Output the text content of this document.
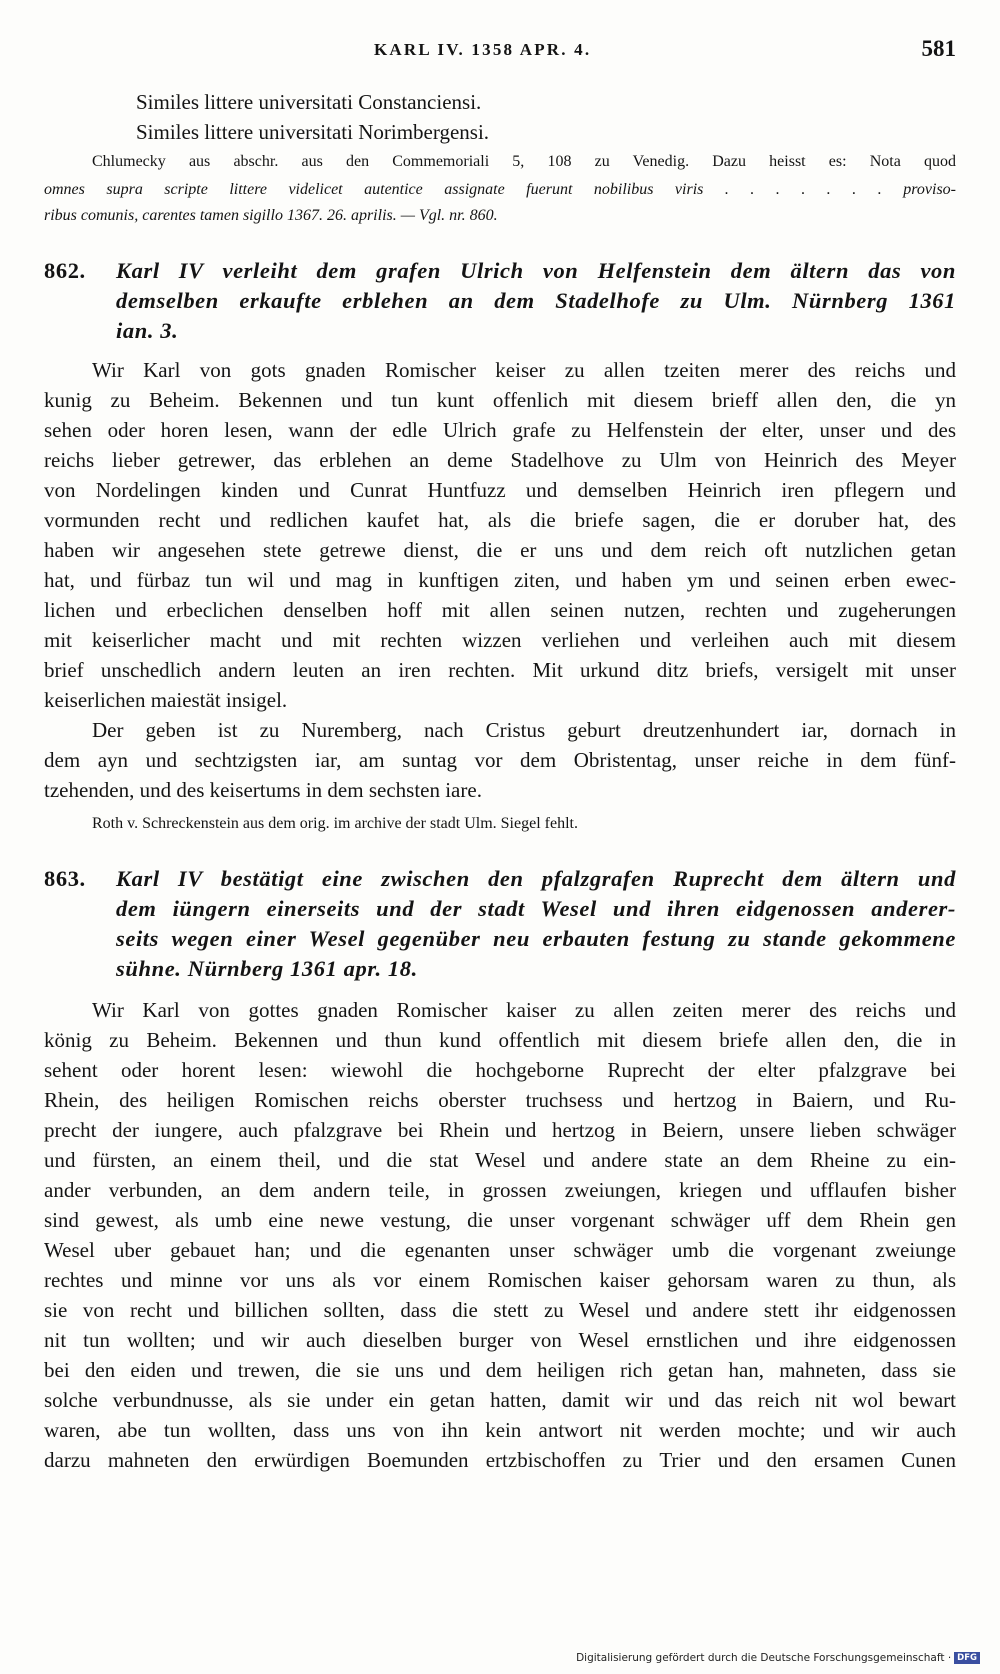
KARL IV. 1358 APR. 4.	581
Similes littere universitati Constanciensi.
Similes littere universitati Norimbergensi.
Chlumecky aus abschr. aus den Commemoriali 5, 108 zu Venedig. Dazu heisst es: Nota quod
omnes supra scripte littere videlicet autentice assignate fuerunt nobilibus viris . . . . . . . provisо-
ribus comunis, carentes tamen sigillo 1367. 26. aprilis. — Vgl. nr. 860.
862.	Karl IV verleiht dem grafen Ulrich von Helfenstein dem ältern das von
demselben erkaufte erblehen an dem Stadelhofe zu Ulm. Nürnberg 1361
ian. 3.
Wir Karl von gots gnaden Romischer keiser zu allen tzeiten merer des reichs und
kunig zu Beheim. Bekennen und tun kunt offenlich mit diesem brieff allen den, die yn
sehen oder horen lesen, wann der edle Ulrich grafe zu Helfenstein der elter, unser und des
reichs lieber getrewer, das erblehen an deme Stadelhove zu Ulm von Heinrich des Meyer
von Nordelingen kinden und Cunrat Huntfuzz und demselben Heinrich iren pflegern und
vormunden recht und redlichen kaufet hat, als die briefe sagen, die er doruber hat, des
haben wir angesehen stete getrewe dienst, die er uns und dem reich oft nutzlichen getan
hat, und fürbaz tun wil und mag in kunftigen ziten, und haben ym und seinen erben ewec-
lichen und erbeclichen denselben hoff mit allen seinen nutzen, rechten und zugeherungen
mit keiserlicher macht und mit rechten wizzen verliehen und verleihen auch mit diesem
brief unschedlich andern leuten an iren rechten. Mit urkund ditz briefs, versigelt mit unser
keiserlichen maiestät insigel.
Der geben ist zu Nuremberg, nach Cristus geburt dreutzenhundert iar, dornach in
dem ayn und sechtzigsten iar, am suntag vor dem Obristentag, unser reiche in dem fünf-
tzehenden, und des keisertums in dem sechsten iare.
Roth v. Schreckenstein aus dem orig. im archive der stadt Ulm. Siegel fehlt.
863.	Karl IV bestätigt eine zwischen den pfalzgrafen Ruprecht dem ältern und
dem iüngern einerseits und der stadt Wesel und ihren eidgenossen anderer-
seits wegen einer Wesel gegenüber neu erbauten festung zu stande gekommene
sühne. Nürnberg 1361 apr. 18.
Wir Karl von gottes gnaden Romischer kaiser zu allen zeiten merer des reichs und
könig zu Beheim. Bekennen und thun kund offentlich mit diesem briefe allen den, die in
sehent oder horent lesen: wiewohl die hochgeborne Ruprecht der elter pfalzgrave bei
Rhein, des heiligen Romischen reichs oberster truchsess und hertzog in Baiern, und Ru-
precht der iungere, auch pfalzgrave bei Rhein und hertzog in Beiern, unsere lieben schwäger
und fürsten, an einem theil, und die stat Wesel und andere state an dem Rheine zu ein-
ander verbunden, an dem andern teile, in grossen zweiungen, kriegen und ufflaufen bisher
sind gewest, als umb eine newe vestung, die unser vorgenant schwäger uff dem Rhein gen
Wesel uber gebauet han; und die egenanten unser schwäger umb die vorgenant zweiunge
rechtes und minne vor uns als vor einem Romischen kaiser gehorsam waren zu thun, als
sie von recht und billichen sollten, dass die stett zu Wesel und andere stett ihr eidgenossen
nit tun wollten; und wir auch dieselben burger von Wesel ernstlichen und ihre eidgenossen
bei den eiden und trewen, die sie uns und dem heiligen rich getan han, mahneten, dass sie
solche verbundnusse, als sie under ein getan hatten, damit wir und das reich nit wol bewart
waren, abe tun wollten, dass uns von ihn kein antwort nit werden mochte; und wir auch
darzu mahneten den erwürdigen Boemunden ertzbischoffen zu Trier und den ersamen Cunen
Digitalisierung gefördert durch die Deutsche Forschungsgemeinschaft · DFG
